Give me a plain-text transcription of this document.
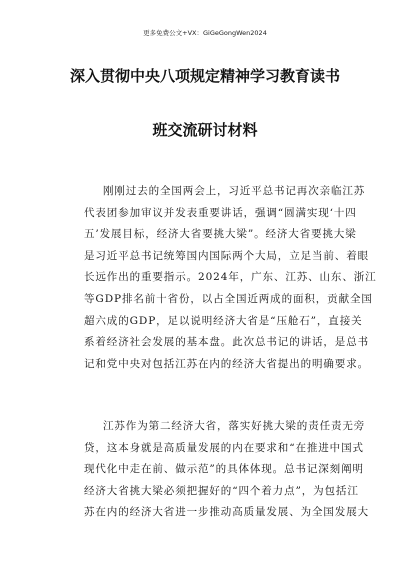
更多免费公文+VX：GiGeGongWen2024
深入贯彻中央八项规定精神学习教育读书
班交流研讨材料
刚刚过去的全国两会上，习近平总书记再次亲临江苏
代表团参加审议并发表重要讲话，强调“圆满实现‘十四
五’发展目标，经济大省要挑大梁”。经济大省要挑大梁
是习近平总书记统筹国内国际两个大局，立足当前、着眼
长远作出的重要指示。2024年，广东、江苏、山东、浙江
等GDP排名前十省份，以占全国近两成的面积，贡献全国
超六成的GDP，足以说明经济大省是“压舱石”，直接关
系着经济社会发展的基本盘。此次总书记的讲话，是总书
记和党中央对包括江苏在内的经济大省提出的明确要求。
江苏作为第二经济大省，落实好挑大梁的责任责无旁
贷，这本身就是高质量发展的内在要求和“在推进中国式
现代化中走在前、做示范”的具体体现。总书记深刻阐明
经济大省挑大梁必须把握好的“四个着力点”，为包括江
苏在内的经济大省进一步推动高质量发展、为全国发展大
